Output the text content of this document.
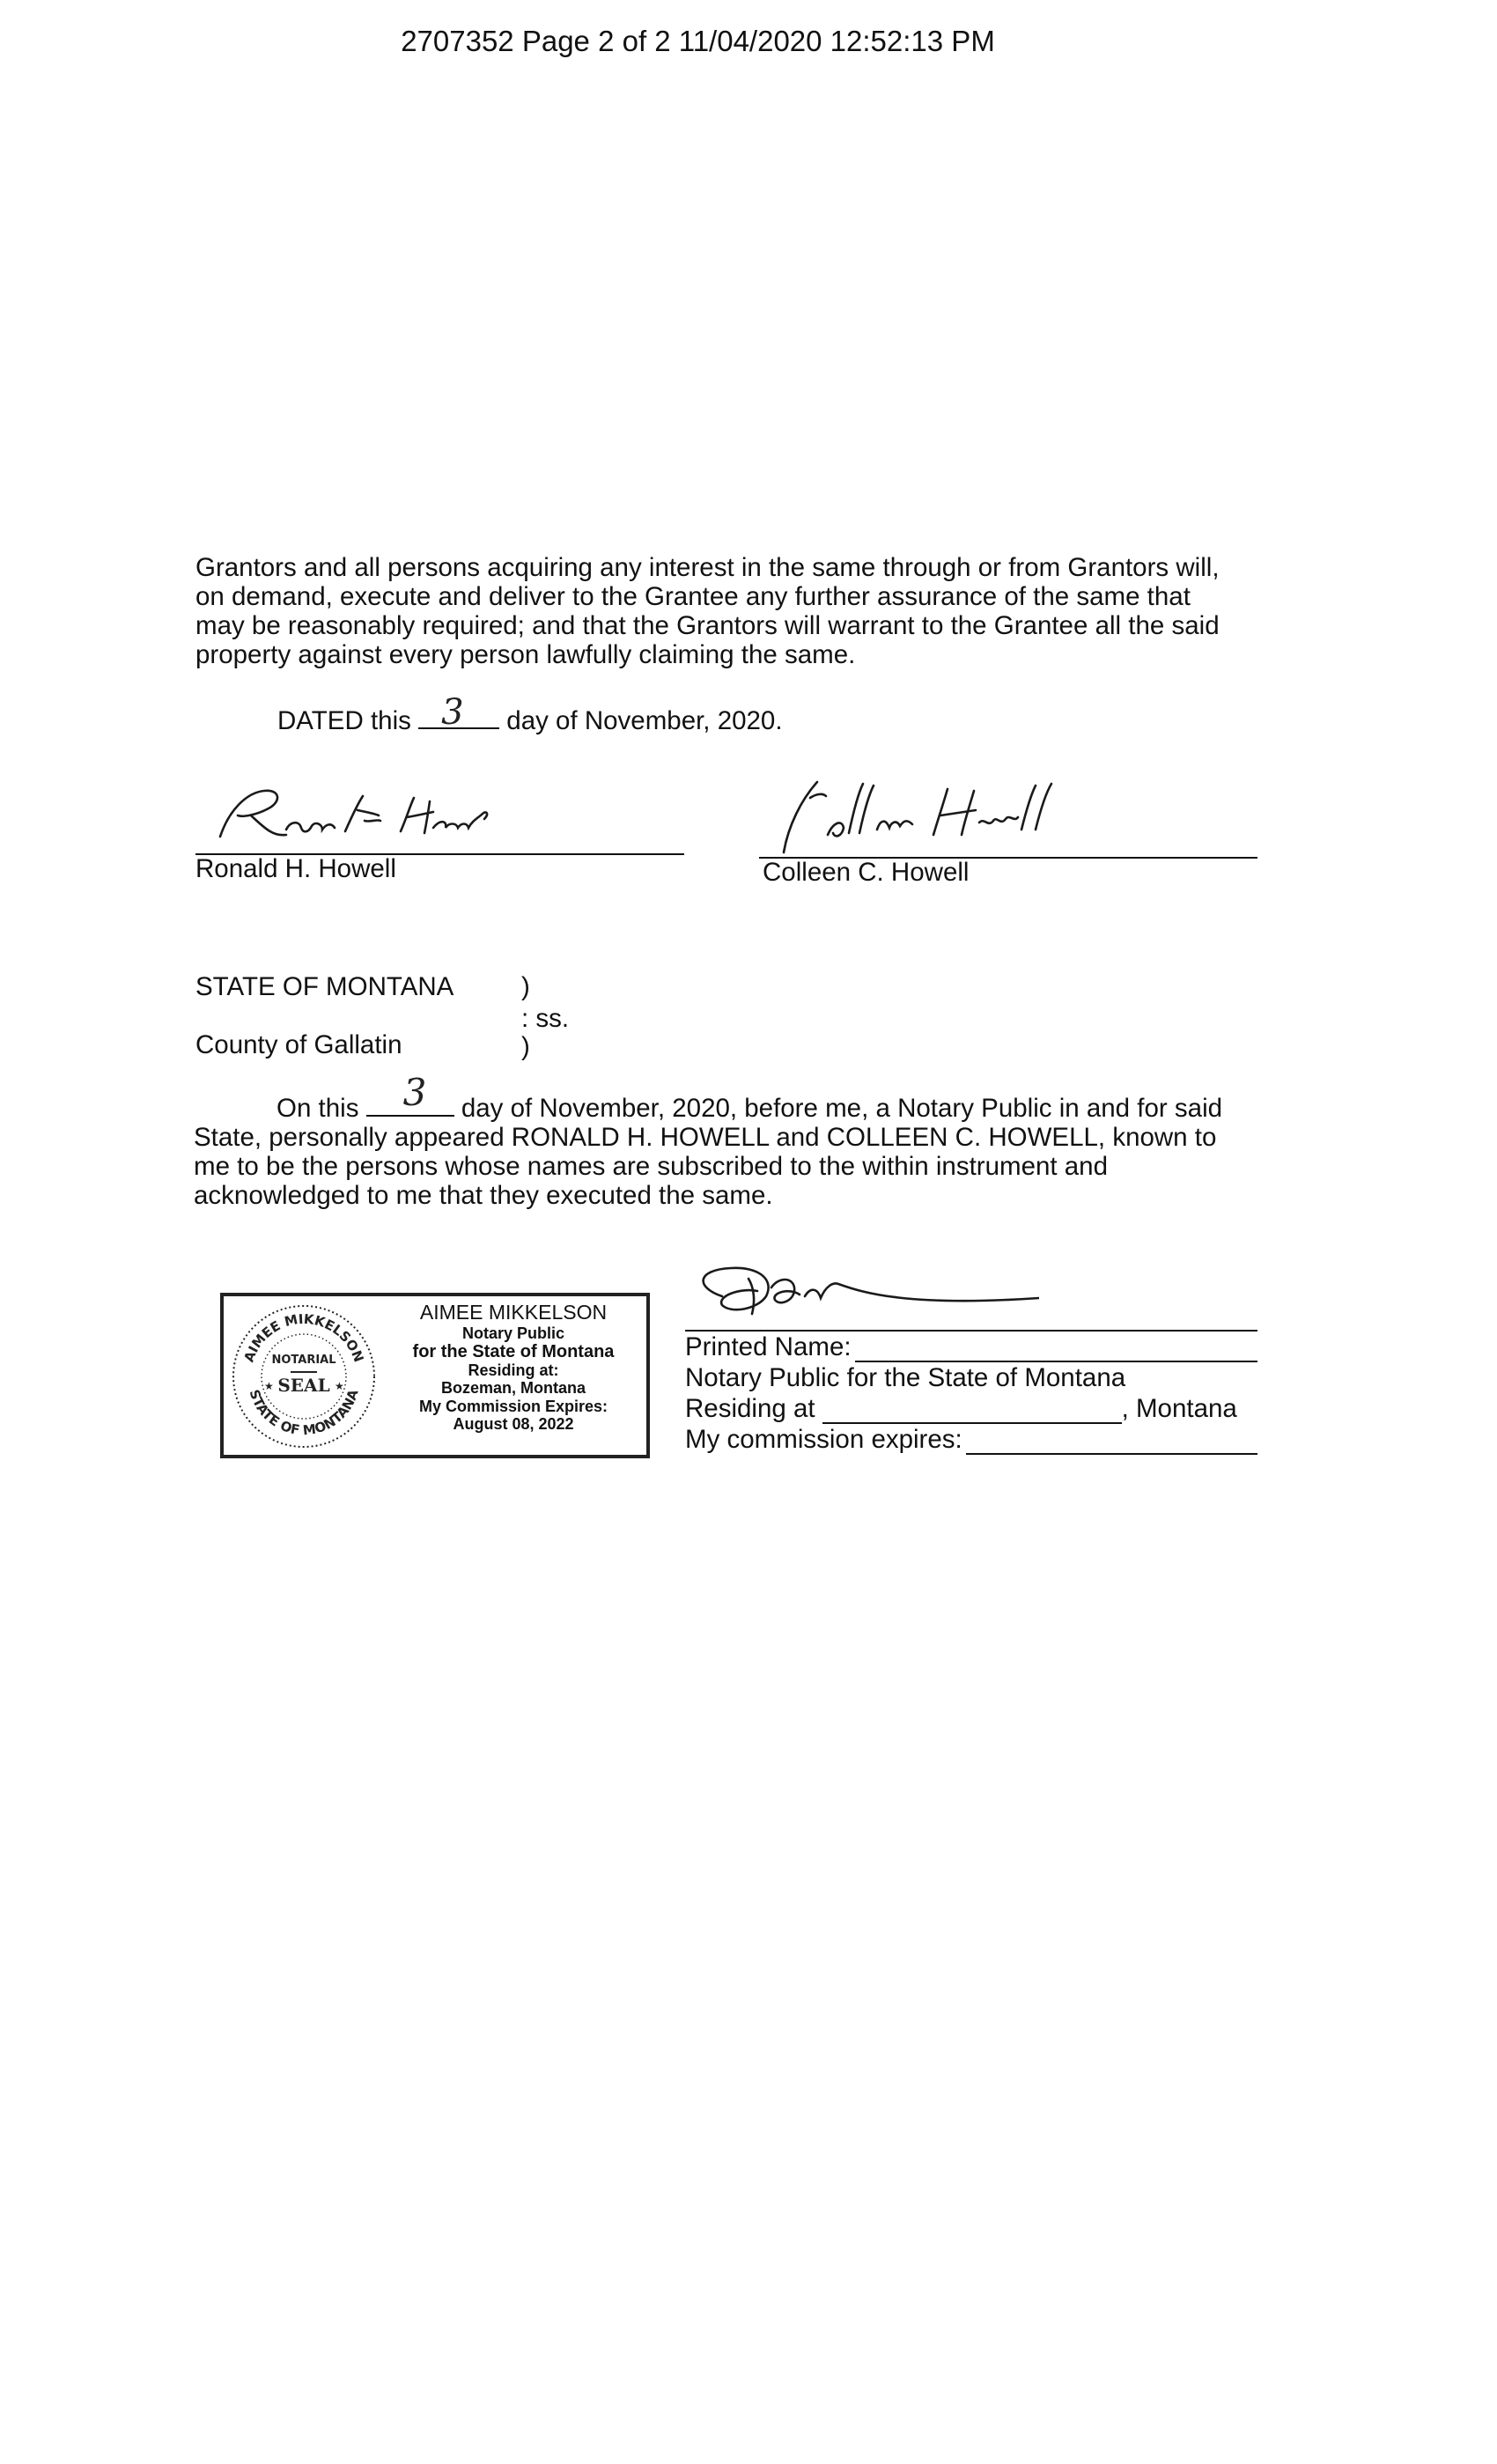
2707352 Page 2 of 2 11/04/2020 12:52:13 PM
Grantors and all persons acquiring any interest in the same through or from Grantors will,
on demand, execute and deliver to the Grantee any further assurance of the same that
may be reasonably required; and that the Grantors will warrant to the Grantee all the said
property against every person lawfully claiming the same.
DATED this 3 day of November, 2020.
Ronald H. Howell	Colleen C. Howell
STATE OF MONTANA	)
: ss.
County of Gallatin	)
On this 3 day of November, 2020, before me, a Notary Public in and for said
State, personally appeared RONALD H. HOWELL and COLLEEN C. HOWELL, known to
me to be the persons whose names are subscribed to the within instrument and
acknowledged to me that they executed the same.
AIMEE MIKKELSON
STATE OF MONTANA
NOTARIAL
SEAL
★	★
AIMEE MIKKELSON
Notary Public
for the State of Montana
Residing at:
Bozeman, Montana
My Commission Expires:
August 08, 2022
Printed Name:
Notary Public for the State of Montana
Residing at	, Montana
My commission expires:
